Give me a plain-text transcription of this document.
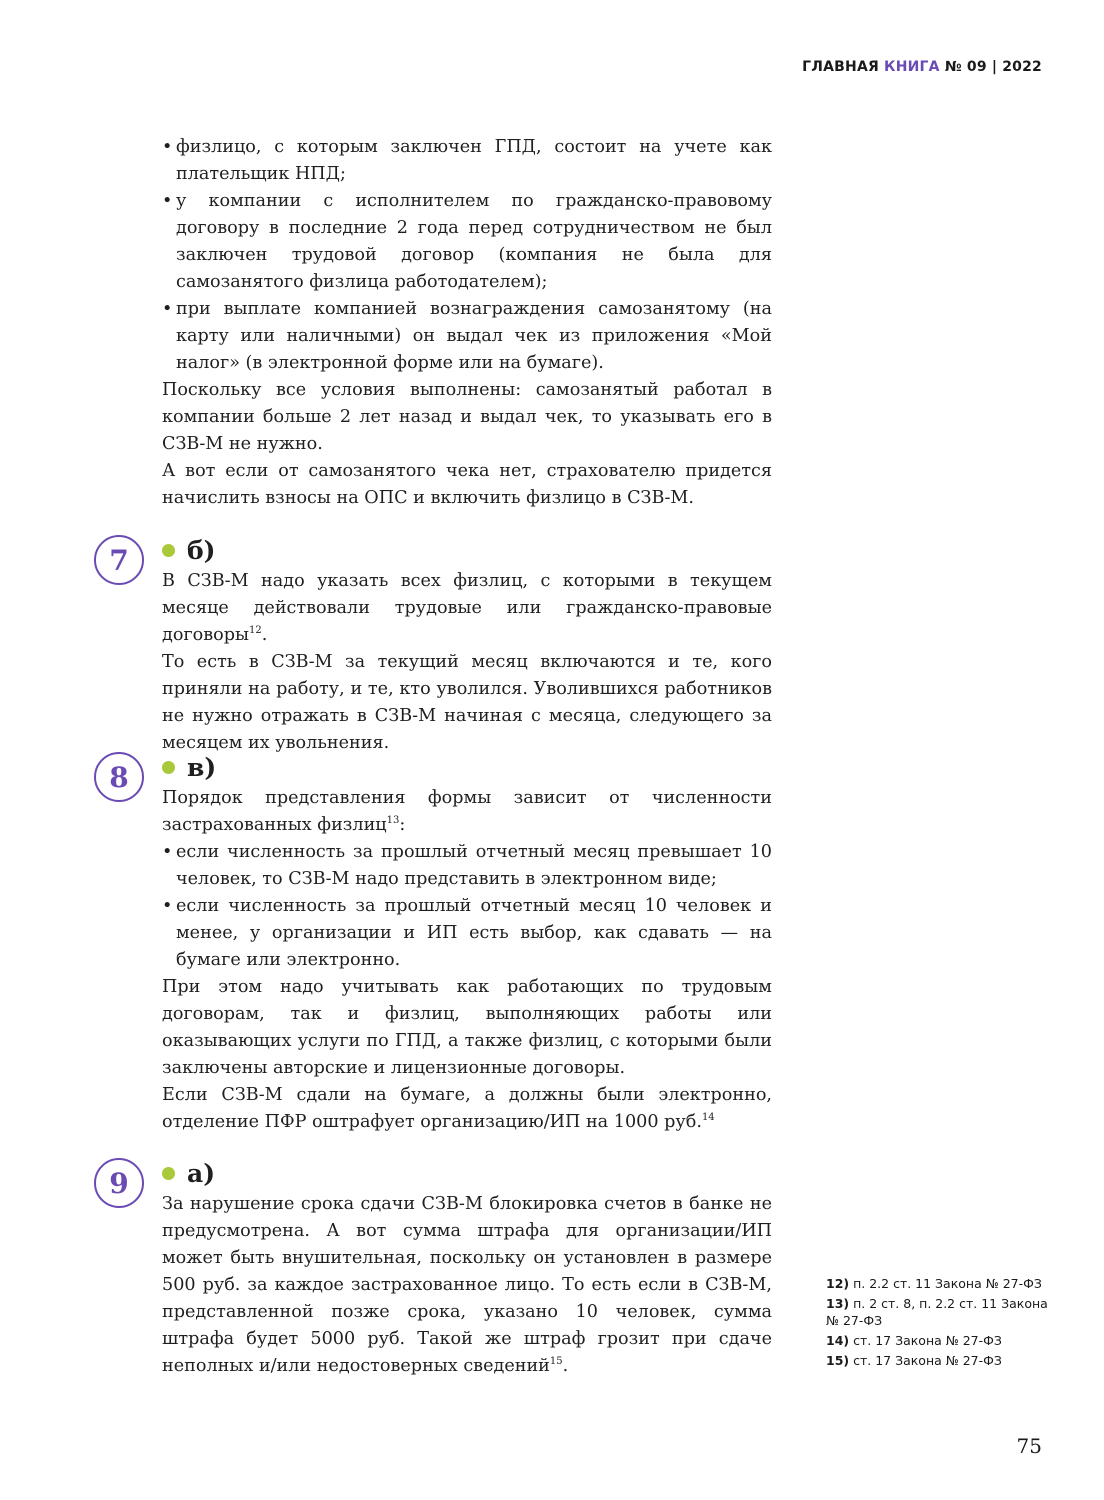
ГЛАВНАЯ КНИГА № 09 | 2022

• физлицо, с которым заключен ГПД, состоит на учете как плательщик НПД;

• у компании с исполнителем по гражданско-правовому договору в последние 2 года перед сотрудничеством не был заключен трудовой договор (компания не была для самозанятого физлица работодателем);

• при выплате компанией вознаграждения самозанятому (на карту или наличными) он выдал чек из приложения «Мой налог» (в электронной форме или на бумаге).

Поскольку все условия выполнены: самозанятый работал в компании больше 2 лет назад и выдал чек, то указывать его в СЗВ-М не нужно.

А вот если от самозанятого чека нет, страхователю придется начислить взносы на ОПС и включить физлицо в СЗВ-М.

7	б)

В СЗВ-М надо указать всех физлиц, с которыми в текущем месяце действовали трудовые или гражданско-правовые договоры$^{12}$.

То есть в СЗВ-М за текущий месяц включаются и те, кого приняли на работу, и те, кто уволился. Уволившихся работников не нужно отражать в СЗВ-М начиная с месяца, следующего за месяцем их увольнения.

8	в)

Порядок представления формы зависит от численности застрахованных физлиц$^{13}$:

• если численность за прошлый отчетный месяц превышает 10 человек, то СЗВ-М надо представить в электронном виде;

• если численность за прошлый отчетный месяц 10 человек и менее, у организации и ИП есть выбор, как сдавать — на бумаге или электронно.

При этом надо учитывать как работающих по трудовым договорам, так и физлиц, выполняющих работы или оказывающих услуги по ГПД, а также физлиц, с которыми были заключены авторские и лицензионные договоры.

Если СЗВ-М сдали на бумаге, а должны были электронно, отделение ПФР оштрафует организацию/ИП на 1000 руб.$^{14}$

9	а)

За нарушение срока сдачи СЗВ-М блокировка счетов в банке не предусмотрена. А вот сумма штрафа для организации/ИП может быть внушительная, поскольку он установлен в размере 500 руб. за каждое застрахованное лицо. То есть если в СЗВ-М, представленной позже срока, указано 10 человек, сумма штрафа будет 5000 руб. Такой же штраф грозит при сдаче неполных и/или недостоверных сведений$^{15}$.

12) п. 2.2 ст. 11 Закона № 27-ФЗ
13) п. 2 ст. 8, п. 2.2 ст. 11 Закона № 27-ФЗ
14) ст. 17 Закона № 27-ФЗ
15) ст. 17 Закона № 27-ФЗ
75
